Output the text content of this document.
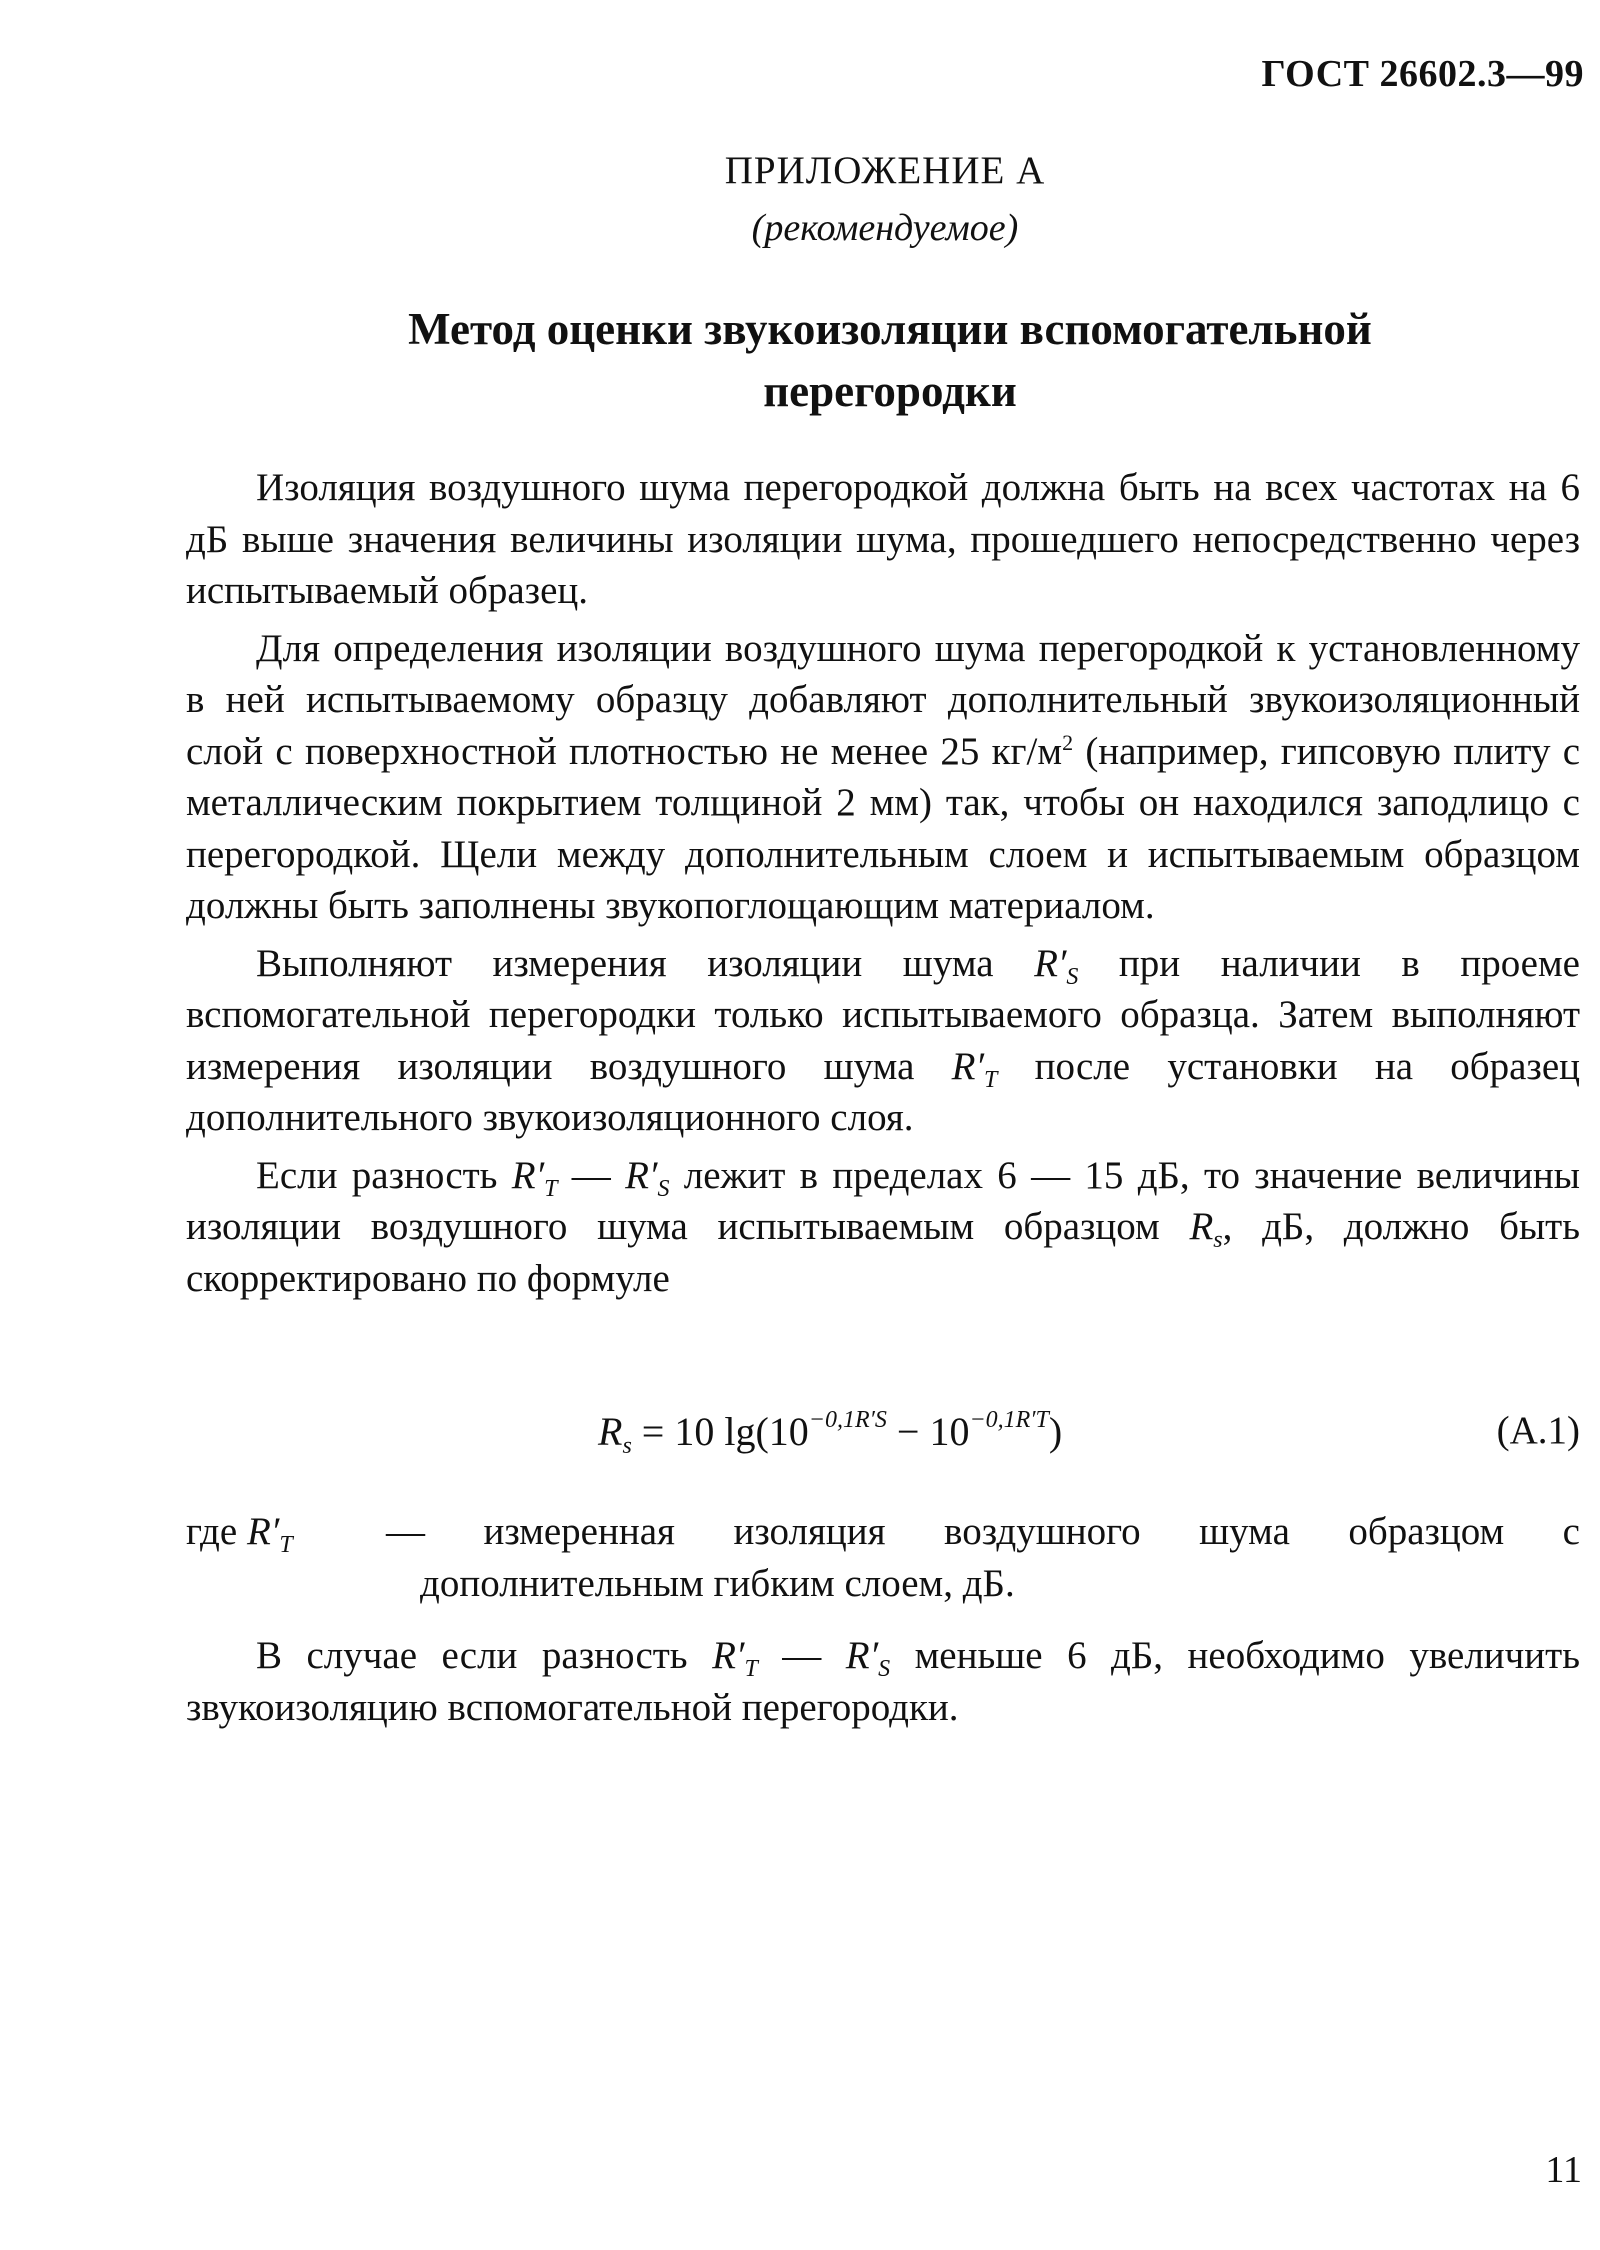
ГОСТ 26602.3—99
ПРИЛОЖЕНИЕ А
(рекомендуемое)
Метод оценки звукоизоляции вспомогательной
перегородки

Изоляция воздушного шума перегородкой должна быть на всех частотах на 6 дБ выше значения величины изоляции шума, прошедшего непосредственно через испытываемый образец.

Для определения изоляции воздушного шума перегородкой к установленному в ней испытываемому образцу добавляют дополнительный звукоизоляционный слой с поверхностной плотностью не менее 25 $кг/м^2$ (например, гипсовую плиту с металлическим покрытием толщиной 2 мм) так, чтобы он находился заподлицо с перегородкой. Щели между дополнительным слоем и испытываемым образцом должны быть заполнены звукопоглощающим материалом.

Выполняют измерения изоляции шума $R'_S$ при наличии в проеме вспомогательной перегородки только испытываемого образца. Затем выполняют измерения изоляции воздушного шума $R'_T$ после установки на образец дополнительного звукоизоляционного слоя.

Если разность $R'_T$ — $R'_S$ лежит в пределах 6 — 15 дБ, то значение величины изоляции воздушного шума испытываемым образцом $R_s$, дБ, должно быть скорректировано по формуле

$R_s = 10$ $\lg(10^{-0,1R'S} - 10^{-0,1R'T})$	(А.1)
где $R'_T$ — измеренная изоляция воздушного шума образцом с дополнительным гибким слоем, дБ.

В случае если разность $R'_T$ — $R'_S$ меньше 6 дБ, необходимо увеличить звукоизоляцию вспомогательной перегородки.

11
